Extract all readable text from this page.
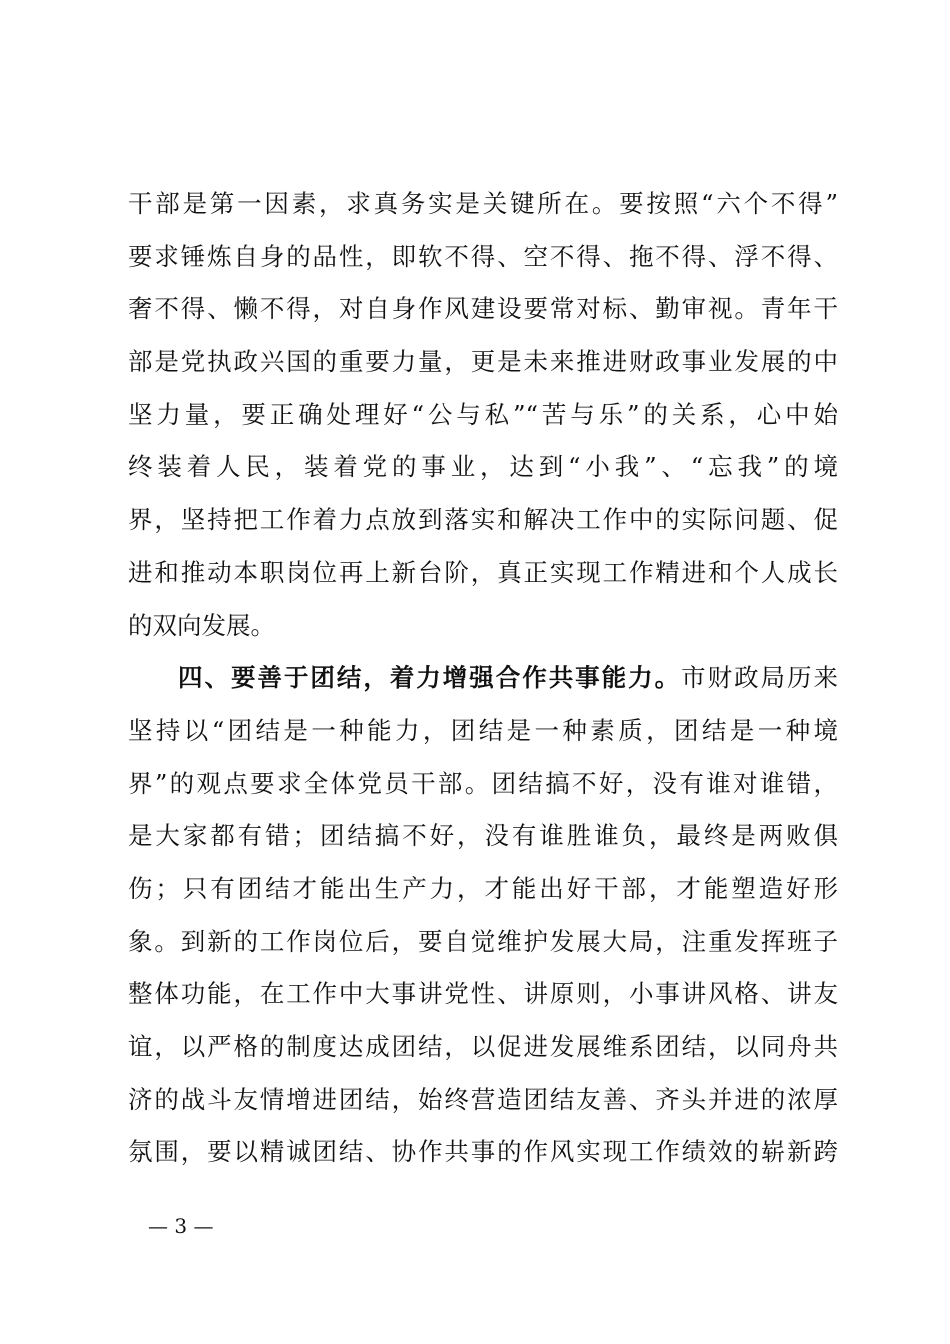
干部是第一因素，求真务实是关键所在。要按照“六个不得”
要求锤炼自身的品性，即软不得、空不得、拖不得、浮不得、
奢不得、懒不得，对自身作风建设要常对标、勤审视。青年干
部是党执政兴国的重要力量，更是未来推进财政事业发展的中
坚力量，要正确处理好“公与私”“苦与乐”的关系，心中始
终装着人民，装着党的事业，达到“小我”、“忘我”的境
界，坚持把工作着力点放到落实和解决工作中的实际问题、促
进和推动本职岗位再上新台阶，真正实现工作精进和个人成长
的双向发展。
四、要善于团结，着力增强合作共事能力。市财政局历来
坚持以“团结是一种能力，团结是一种素质，团结是一种境
界”的观点要求全体党员干部。团结搞不好，没有谁对谁错，
是大家都有错；团结搞不好，没有谁胜谁负，最终是两败俱
伤；只有团结才能出生产力，才能出好干部，才能塑造好形
象。到新的工作岗位后，要自觉维护发展大局，注重发挥班子
整体功能，在工作中大事讲党性、讲原则，小事讲风格、讲友
谊，以严格的制度达成团结，以促进发展维系团结，以同舟共
济的战斗友情增进团结，始终营造团结友善、齐头并进的浓厚
氛围，要以精诚团结、协作共事的作风实现工作绩效的崭新跨
— 3 —
